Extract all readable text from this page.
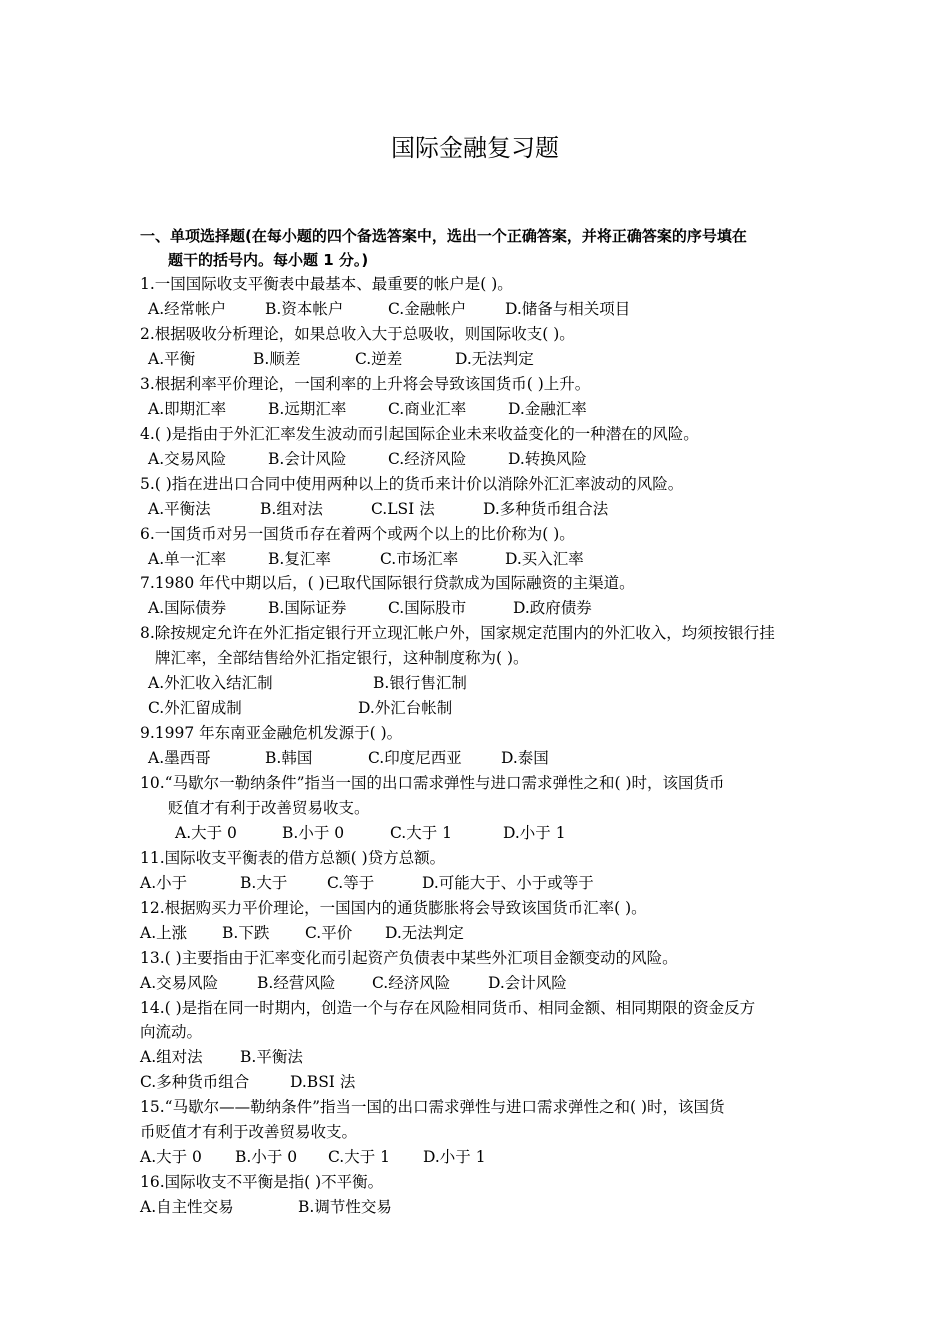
国际金融复习题
一、单项选择题(在每小题的四个备选答案中，选出一个正确答案，并将正确答案的序号填在
题干的括号内。每小题 1 分。)
1.一国国际收支平衡表中最基本、最重要的帐户是( )。
A.经常帐户	B.资本帐户	C.金融帐户	D.储备与相关项目
2.根据吸收分析理论，如果总收入大于总吸收，则国际收支( )。
A.平衡	B.顺差	C.逆差	D.无法判定
3.根据利率平价理论，一国利率的上升将会导致该国货币( )上升。
A.即期汇率	B.远期汇率	C.商业汇率	D.金融汇率
4.( )是指由于外汇汇率发生波动而引起国际企业未来收益变化的一种潜在的风险。
A.交易风险	B.会计风险	C.经济风险	D.转换风险
5.( )指在进出口合同中使用两种以上的货币来计价以消除外汇汇率波动的风险。
A.平衡法	B.组对法	C.LSI 法	D.多种货币组合法
6.一国货币对另一国货币存在着两个或两个以上的比价称为( )。
A.单一汇率	B.复汇率	C.市场汇率	D.买入汇率
7.1980 年代中期以后，( )已取代国际银行贷款成为国际融资的主渠道。
A.国际债券	B.国际证券	C.国际股市	D.政府债券
8.除按规定允许在外汇指定银行开立现汇帐户外，国家规定范围内的外汇收入，均须按银行挂
牌汇率，全部结售给外汇指定银行，这种制度称为( )。
A.外汇收入结汇制	B.银行售汇制
C.外汇留成制	D.外汇台帐制
9.1997 年东南亚金融危机发源于( )。
A.墨西哥	B.韩国	C.印度尼西亚	D.泰国
10.“马歇尔一勒纳条件”指当一国的出口需求弹性与进口需求弹性之和( )时，该国货币
贬值才有利于改善贸易收支。
A.大于 0	B.小于 0	C.大于 1	D.小于 1
11.国际收支平衡表的借方总额( )贷方总额。
A.小于	B.大于	C.等于	D.可能大于、小于或等于
12.根据购买力平价理论，一国国内的通货膨胀将会导致该国货币汇率( )。
A.上涨 B.下跌 C.平价 D.无法判定
13.( )主要指由于汇率变化而引起资产负债表中某些外汇项目金额变动的风险。
A.交易风险	B.经营风险 C.经济风险 D.会计风险
14.( )是指在同一时期内，创造一个与存在风险相同货币、相同金额、相同期限的资金反方
向流动。
A.组对法 B.平衡法
C.多种货币组合	D.BSI 法
15.“马歇尔——勒纳条件”指当一国的出口需求弹性与进口需求弹性之和( )时，该国货
币贬值才有利于改善贸易收支。
A.大于 0 B.小于 0 C.大于 1 D.小于 1
16.国际收支不平衡是指( )不平衡。
A.自主性交易	B.调节性交易
